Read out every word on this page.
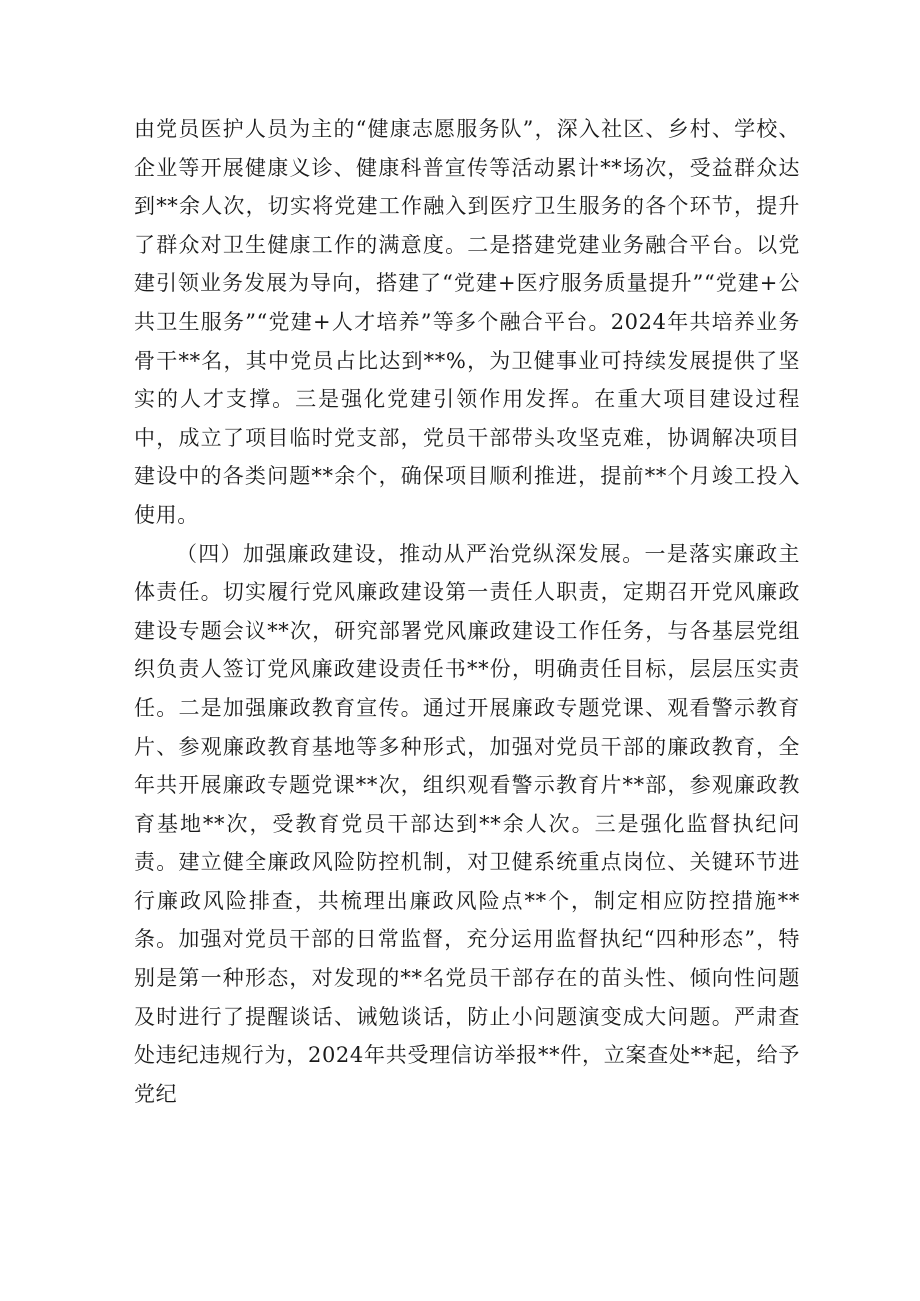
由党员医护人员为主的“健康志愿服务队”，深入社区、乡村、学校、企业等开展健康义诊、健康科普宣传等活动累计**场次，受益群众达到**余人次，切实将党建工作融入到医疗卫生服务的各个环节，提升了群众对卫生健康工作的满意度。二是搭建党建业务融合平台。以党建引领业务发展为导向，搭建了“党建+医疗服务质量提升”“党建+公共卫生服务”“党建+人才培养”等多个融合平台。2024年共培养业务骨干**名，其中党员占比达到**%，为卫健事业可持续发展提供了坚实的人才支撑。三是强化党建引领作用发挥。在重大项目建设过程中，成立了项目临时党支部，党员干部带头攻坚克难，协调解决项目建设中的各类问题**余个，确保项目顺利推进，提前**个月竣工投入使用。

（四）加强廉政建设，推动从严治党纵深发展。一是落实廉政主体责任。切实履行党风廉政建设第一责任人职责，定期召开党风廉政建设专题会议**次，研究部署党风廉政建设工作任务，与各基层党组织负责人签订党风廉政建设责任书**份，明确责任目标，层层压实责任。二是加强廉政教育宣传。通过开展廉政专题党课、观看警示教育片、参观廉政教育基地等多种形式，加强对党员干部的廉政教育，全年共开展廉政专题党课**次，组织观看警示教育片**部，参观廉政教育基地**次，受教育党员干部达到**余人次。三是强化监督执纪问责。建立健全廉政风险防控机制，对卫健系统重点岗位、关键环节进行廉政风险排查，共梳理出廉政风险点**个，制定相应防控措施**条。加强对党员干部的日常监督，充分运用监督执纪“四种形态”，特别是第一种形态，对发现的**名党员干部存在的苗头性、倾向性问题及时进行了提醒谈话、诫勉谈话，防止小问题演变成大问题。严肃查处违纪违规行为，2024年共受理信访举报**件，立案查处**起，给予党纪
